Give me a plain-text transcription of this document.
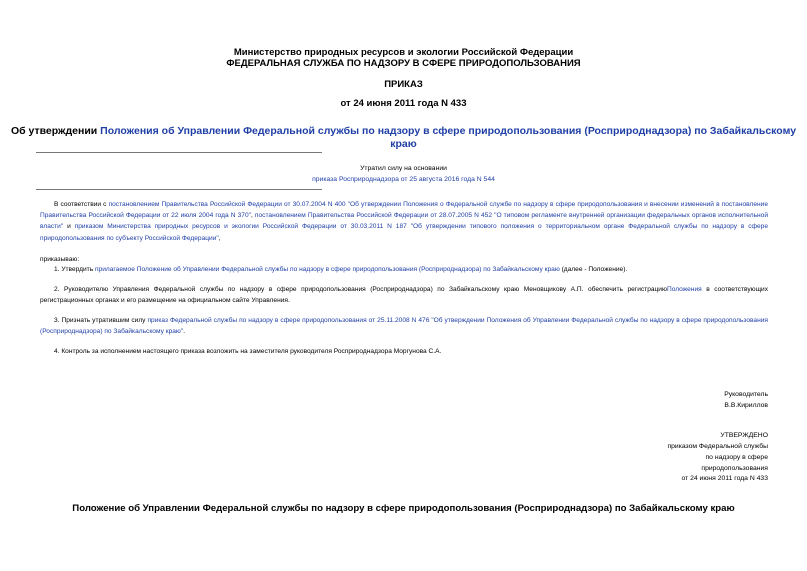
Министерство природных ресурсов и экологии Российской Федерации
ФЕДЕРАЛЬНАЯ СЛУЖБА ПО НАДЗОРУ В СФЕРЕ ПРИРОДОПОЛЬЗОВАНИЯ
ПРИКАЗ
от 24 июня 2011 года N 433
Об утверждении Положения об Управлении Федеральной службы по надзору в сфере природопользования (Росприроднадзора) по Забайкальскому краю
Утратил силу на основании
приказа Росприроднадзора от 25 августа 2016 года N 544
В соответствии с постановлением Правительства Российской Федерации от 30.07.2004 N 400 "Об утверждении Положения о Федеральной службе по надзору в сфере природопользования и внесении изменений в постановление Правительства Российской Федерации от 22 июля 2004 года N 370", постановлением Правительства Российской Федерации от 28.07.2005 N 452 "О типовом регламенте внутренней организации федеральных органов исполнительной власти" и приказом Министерства природных ресурсов и экологии Российской Федерации от 30.03.2011 N 187 "Об утверждении типового положения о территориальном органе Федеральной службы по надзору в сфере природопользования по субъекту Российской Федерации",
приказываю:
1. Утвердить прилагаемое Положение об Управлении Федеральной службы по надзору в сфере природопользования (Росприроднадзора) по Забайкальскому краю (далее - Положение).
2. Руководителю Управления Федеральной службы по надзору в сфере природопользования (Росприроднадзора) по Забайкальскому краю Меновщикову А.П. обеспечить регистрациюПоложения в соответствующих регистрационных органах и его размещение на официальном сайте Управления.
3. Признать утратившим силу приказ Федеральной службы по надзору в сфере природопользования от 25.11.2008 N 476 "Об утверждении Положения об Управлении Федеральной службы по надзору в сфере природопользования (Росприроднадзора) по Забайкальскому краю".
4. Контроль за исполнением настоящего приказа возложить на заместителя руководителя Росприроднадзора Моргунова С.А.
Руководитель
В.В.Кириллов
УТВЕРЖДЕНО
приказом Федеральной службы
по надзору в сфере
природопользования
от 24 июня 2011 года N 433
Положение об Управлении Федеральной службы по надзору в сфере природопользования (Росприроднадзора) по Забайкальскому краю
